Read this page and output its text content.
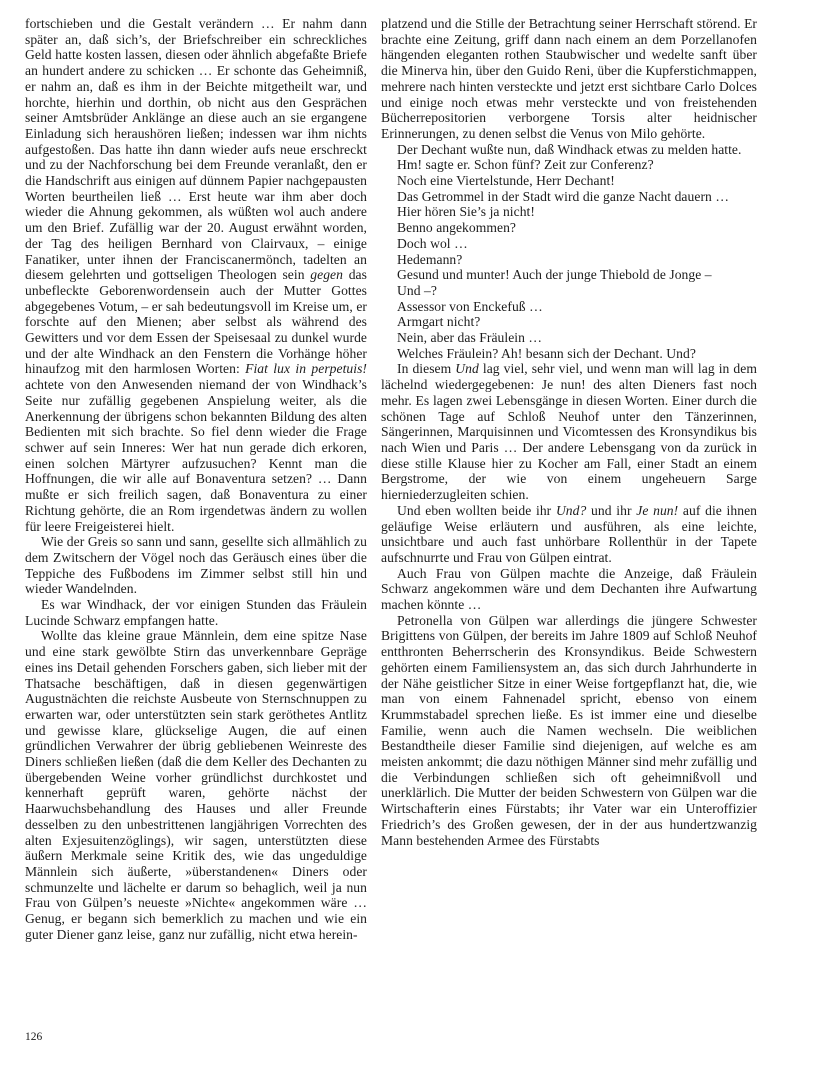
fortschieben und die Gestalt verändern … Er nahm dann später an, daß sich’s, der Briefschreiber ein schreckliches Geld hatte kosten lassen, diesen oder ähnlich abgefaßte Briefe an hundert andere zu schicken … Er schonte das Geheimniß, er nahm an, daß es ihm in der Beichte mitgetheilt war, und horchte, hierhin und dorthin, ob nicht aus den Gesprächen seiner Amtsbrüder Anklänge an diese auch an sie ergangene Einladung sich heraushören ließen; indessen war ihm nichts aufgestoßen. Das hatte ihn dann wieder aufs neue erschreckt und zu der Nachforschung bei dem Freunde veranlaßt, den er die Handschrift aus einigen auf dünnem Papier nachgepausten Worten beurtheilen ließ … Erst heute war ihm aber doch wieder die Ahnung gekommen, als wüßten wol auch andere um den Brief. Zufällig war der 20. August erwähnt worden, der Tag des heiligen Bernhard von Clairvaux, – einige Fanatiker, unter ihnen der Franciscanermönch, tadelten an diesem gelehrten und gottseligen Theologen sein gegen das unbefleckte Geborenwordensein auch der Mutter Gottes abgegebenes Votum, – er sah bedeutungsvoll im Kreise um, er forschte auf den Mienen; aber selbst als während des Gewitters und vor dem Essen der Speisesaal zu dunkel wurde und der alte Windhack an den Fenstern die Vorhänge höher hinaufzog mit den harmlosen Worten: Fiat lux in perpetuis! achtete von den Anwesenden niemand der von Windhack’s Seite nur zufällig gegebenen Anspielung weiter, als die Anerkennung der übrigens schon bekannten Bildung des alten Bedienten mit sich brachte. So fiel denn wieder die Frage schwer auf sein Inneres: Wer hat nun gerade dich erkoren, einen solchen Märtyrer aufzusuchen? Kennt man die Hoffnungen, die wir alle auf Bonaventura setzen? … Dann mußte er sich freilich sagen, daß Bonaventura zu einer Richtung gehörte, die an Rom irgendetwas ändern zu wollen für leere Freigeisterei hielt.

Wie der Greis so sann und sann, gesellte sich allmählich zu dem Zwitschern der Vögel noch das Geräusch eines über die Teppiche des Fußbodens im Zimmer selbst still hin und wieder Wandelnden.

Es war Windhack, der vor einigen Stunden das Fräulein Lucinde Schwarz empfangen hatte.

Wollte das kleine graue Männlein, dem eine spitze Nase und eine stark gewölbte Stirn das unverkennbare Gepräge eines ins Detail gehenden Forschers gaben, sich lieber mit der Thatsache beschäftigen, daß in diesen gegenwärtigen Augustnächten die reichste Ausbeute von Sternschnuppen zu erwarten war, oder unterstützten sein stark geröthetes Antlitz und gewisse klare, glückselige Augen, die auf einen gründlichen Verwahrer der übrig gebliebenen Weinreste des Diners schließen ließen (daß die dem Keller des Dechanten zu übergebenden Weine vorher gründlichst durchkostet und kennerhaft geprüft waren, gehörte nächst der Haarwuchsbehandlung des Hauses und aller Freunde desselben zu den unbestrittenen langjährigen Vorrechten des alten Exjesuitenzöglings), wir sagen, unterstützten diese äußern Merkmale seine Kritik des, wie das ungeduldige Männlein sich äußerte, »überstandenen« Diners oder schmunzelte und lächelte er darum so behaglich, weil ja nun Frau von Gülpen’s neueste »Nichte« angekommen wäre … Genug, er begann sich bemerklich zu machen und wie ein guter Diener ganz leise, ganz nur zufällig, nicht etwa herein-

platzend und die Stille der Betrachtung seiner Herrschaft störend. Er brachte eine Zeitung, griff dann nach einem an dem Porzellanofen hängenden eleganten rothen Staubwischer und wedelte sanft über die Minerva hin, über den Guido Reni, über die Kupferstichmappen, mehrere nach hinten versteckte und jetzt erst sichtbare Carlo Dolces und einige noch etwas mehr versteckte und von freistehenden Bücherrepositorien verborgene Torsis alter heidnischer Erinnerungen, zu denen selbst die Venus von Milo gehörte.

Der Dechant wußte nun, daß Windhack etwas zu melden hatte.

Hm! sagte er. Schon fünf? Zeit zur Conferenz?

Noch eine Viertelstunde, Herr Dechant!

Das Getrommel in der Stadt wird die ganze Nacht dauern …

Hier hören Sie’s ja nicht!

Benno angekommen?

Doch wol …

Hedemann?

Gesund und munter! Auch der junge Thiebold de Jonge –

Und –?

Assessor von Enckefuß …

Armgart nicht?

Nein, aber das Fräulein …

Welches Fräulein? Ah! besann sich der Dechant. Und?

In diesem Und lag viel, sehr viel, und wenn man will lag in dem lächelnd wiedergegebenen: Je nun! des alten Dieners fast noch mehr. Es lagen zwei Lebensgänge in diesen Worten. Einer durch die schönen Tage auf Schloß Neuhof unter den Tänzerinnen, Sängerinnen, Marquisinnen und Vicomtessen des Kronsyndikus bis nach Wien und Paris … Der andere Lebensgang von da zurück in diese stille Klause hier zu Kocher am Fall, einer Stadt an einem Bergstrome, der wie von einem ungeheuern Sarge hierniederzugleiten schien.

Und eben wollten beide ihr Und? und ihr Je nun! auf die ihnen geläufige Weise erläutern und ausführen, als eine leichte, unsichtbare und auch fast unhörbare Rollenthür in der Tapete aufschnurrte und Frau von Gülpen eintrat.

Auch Frau von Gülpen machte die Anzeige, daß Fräulein Schwarz angekommen wäre und dem Dechanten ihre Aufwartung machen könnte …

Petronella von Gülpen war allerdings die jüngere Schwester Brigittens von Gülpen, der bereits im Jahre 1809 auf Schloß Neuhof entthronten Beherrscherin des Kronsyndikus. Beide Schwestern gehörten einem Familiensystem an, das sich durch Jahrhunderte in der Nähe geistlicher Sitze in einer Weise fortgepflanzt hat, die, wie man von einem Fahnenadel spricht, ebenso von einem Krummstabadel sprechen ließe. Es ist immer eine und dieselbe Familie, wenn auch die Namen wechseln. Die weiblichen Bestandtheile dieser Familie sind diejenigen, auf welche es am meisten ankommt; die dazu nöthigen Männer sind mehr zufällig und die Verbindungen schließen sich oft geheimnißvoll und unerklärlich. Die Mutter der beiden Schwestern von Gülpen war die Wirtschafterin eines Fürstabts; ihr Vater war ein Unteroffizier Friedrich’s des Großen gewesen, der in der aus hundertzwanzig Mann bestehenden Armee des Fürstabts

126
